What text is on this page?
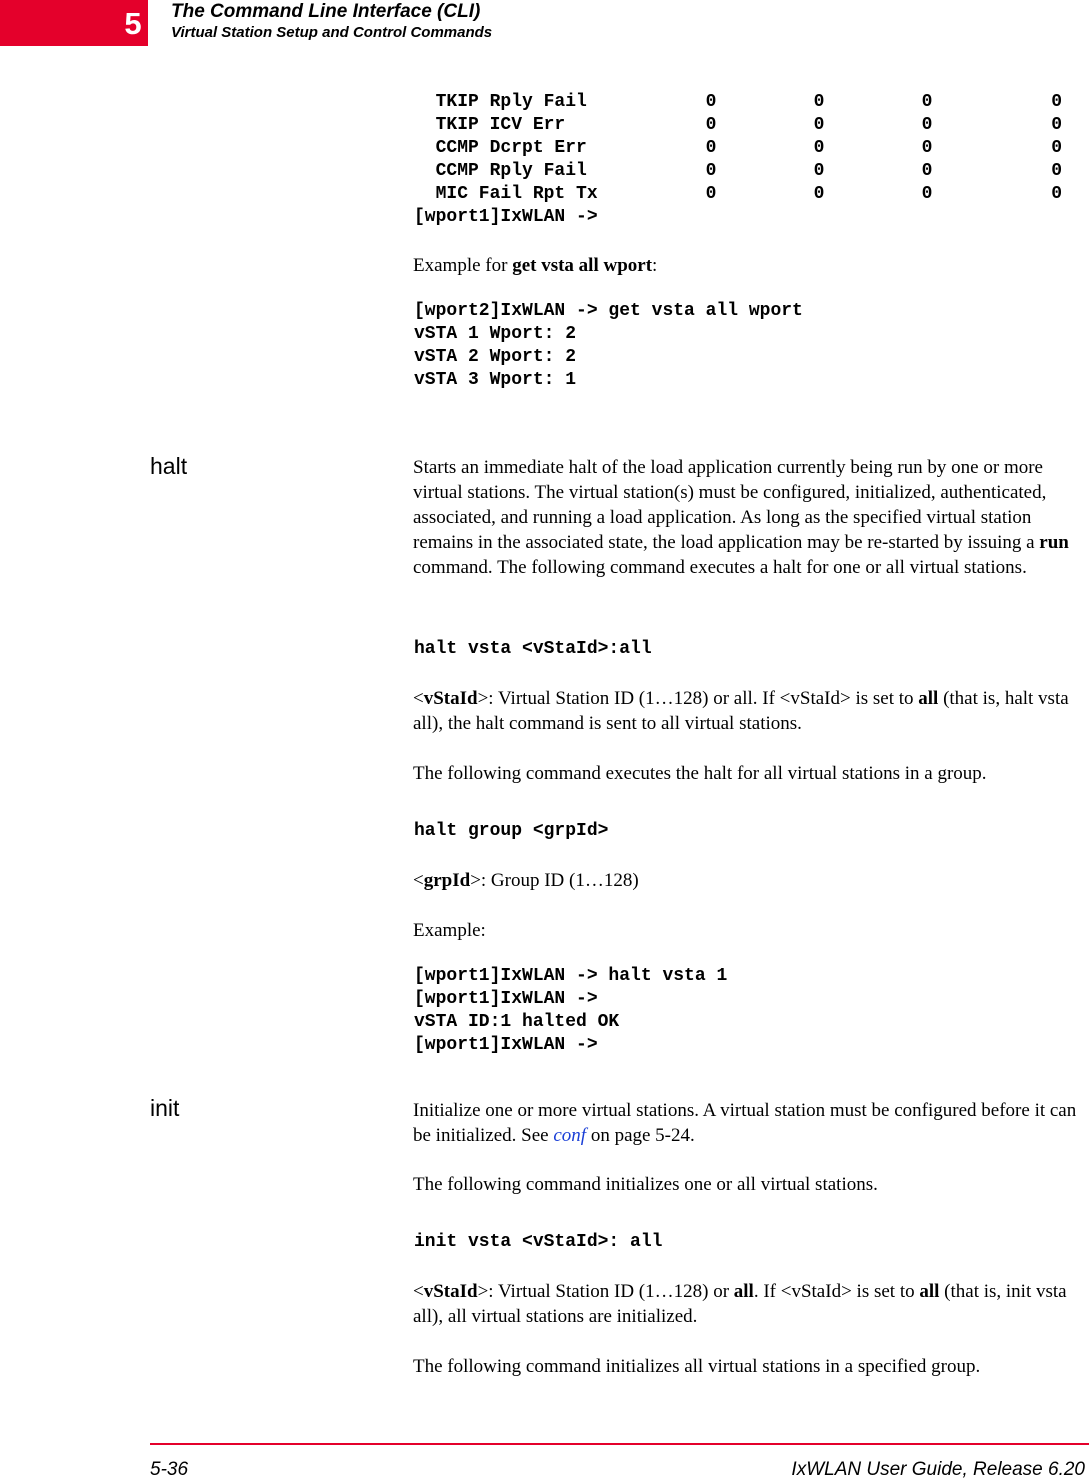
5	The Command Line Interface (CLI)
Virtual Station Setup and Control Commands
TKIP Rply Fail           0         0         0           0
TKIP ICV Err             0         0         0           0
CCMP Dcrpt Err           0         0         0           0
CCMP Rply Fail           0         0         0           0
MIC Fail Rpt Tx          0         0         0           0
[wport1]IxWLAN ->

Example for get vsta all wport:

[wport2]IxWLAN -> get vsta all wport
vSTA 1 Wport: 2
vSTA 2 Wport: 2
vSTA 3 Wport: 1
halt	Starts an immediate halt of the load application currently being run by one or more virtual stations. The virtual station(s) must be configured, initialized, authenticated, associated, and running a load application. As long as the specified virtual station remains in the associated state, the load application may be re-started by issuing a run command. The following command executes a halt for one or all virtual stations.

halt vsta <vStaId>:all

<vStaId>: Virtual Station ID (1…128) or all. If <vStaId> is set to all (that is, halt vsta all), the halt command is sent to all virtual stations.

The following command executes the halt for all virtual stations in a group.

halt group <grpId>

<grpId>: Group ID (1…128)

Example:

[wport1]IxWLAN -> halt vsta 1
[wport1]IxWLAN ->
vSTA ID:1 halted OK
[wport1]IxWLAN ->
init	Initialize one or more virtual stations. A virtual station must be configured before it can be initialized. See conf on page 5-24.

The following command initializes one or all virtual stations.

init vsta <vStaId>: all

<vStaId>: Virtual Station ID (1…128) or all. If <vStaId> is set to all (that is, init vsta all), all virtual stations are initialized.

The following command initializes all virtual stations in a specified group.

5-36	IxWLAN User Guide, Release 6.20
